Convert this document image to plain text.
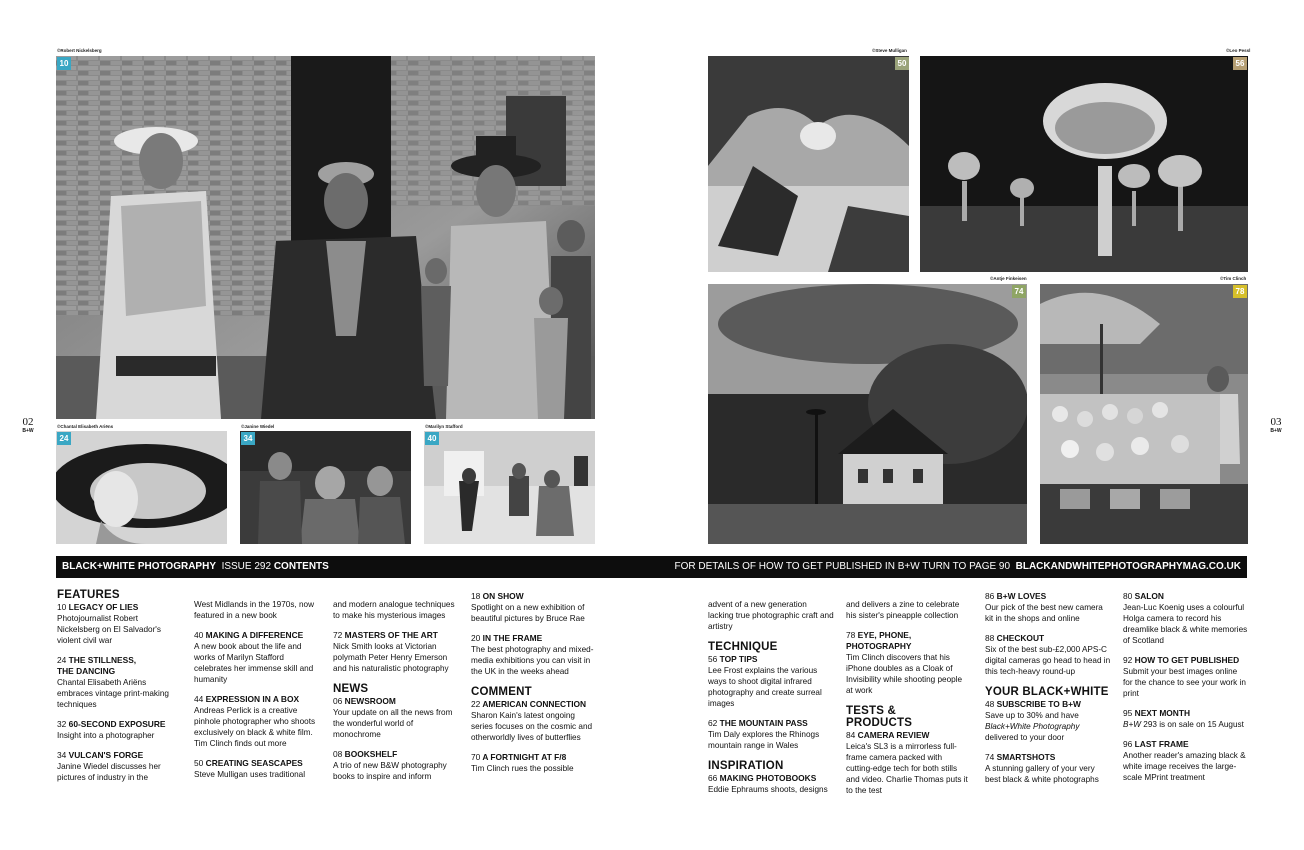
© Robert Nickelsberg
10
© Chantal Elisabeth Ariëns
24
© Janine Wiedel
34
© Marilyn Stafford
40
© Steve Mulligan
50
© Leo Pessl
56
© Antje Finkeisen
74
© Tim Clinch
78
02
B+W
03
B+W
BLACK+WHITE PHOTOGRAPHY ISSUE 292 CONTENTS	FOR DETAILS OF HOW TO GET PUBLISHED IN B+W TURN TO PAGE 90 BLACKANDWHITEPHOTOGRAPHYMAG.CO.UK
FEATURES
10 LEGACY OF LIES
Photojournalist Robert Nickelsberg on El Salvador's violent civil war
24 THE STILLNESS,
THE DANCING
Chantal Elisabeth Ariëns embraces vintage print-making techniques
32 60-SECOND EXPOSURE
Insight into a photographer
34 VULCAN'S FORGE
Janine Wiedel discusses her pictures of industry in the
West Midlands in the 1970s, now featured in a new book
40 MAKING A DIFFERENCE
A new book about the life and works of Marilyn Stafford celebrates her immense skill and humanity
44 EXPRESSION IN A BOX
Andreas Perlick is a creative pinhole photographer who shoots exclusively on black & white film. Tim Clinch finds out more
50 CREATING SEASCAPES
Steve Mulligan uses traditional
and modern analogue techniques to make his mysterious images
72 MASTERS OF THE ART
Nick Smith looks at Victorian polymath Peter Henry Emerson and his naturalistic photography
NEWS
06 NEWSROOM
Your update on all the news from the wonderful world of monochrome
08 BOOKSHELF
A trio of new B&W photography books to inspire and inform
18 ON SHOW
Spotlight on a new exhibition of beautiful pictures by Bruce Rae
20 IN THE FRAME
The best photography and mixed-media exhibitions you can visit in the UK in the weeks ahead
COMMENT
22 AMERICAN CONNECTION
Sharon Kain's latest ongoing series focuses on the cosmic and otherworldly lives of butterflies
70 A FORTNIGHT AT F/8
Tim Clinch rues the possible
advent of a new generation lacking true photographic craft and artistry
TECHNIQUE
56 TOP TIPS
Lee Frost explains the various ways to shoot digital infrared photography and create surreal images
62 THE MOUNTAIN PASS
Tim Daly explores the Rhinogs mountain range in Wales
INSPIRATION
66 MAKING PHOTOBOOKS
Eddie Ephraums shoots, designs
and delivers a zine to celebrate his sister's pineapple collection
78 EYE, PHONE,
PHOTOGRAPHY
Tim Clinch discovers that his iPhone doubles as a Cloak of Invisibility while shooting people at work
TESTS &
PRODUCTS
84 CAMERA REVIEW
Leica's SL3 is a mirrorless full-frame camera packed with cutting-edge tech for both stills and video. Charlie Thomas puts it to the test
86 B+W LOVES
Our pick of the best new camera kit in the shops and online
88 CHECKOUT
Six of the best sub-£2,000 APS-C digital cameras go head to head in this tech-heavy round-up
YOUR BLACK+WHITE
48 SUBSCRIBE TO B+W
Save up to 30% and have
Black+White Photography
delivered to your door
74 SMARTSHOTS
A stunning gallery of your very best black & white photographs
80 SALON
Jean-Luc Koenig uses a colourful Holga camera to record his dreamlike black & white memories of Scotland
92 HOW TO GET PUBLISHED
Submit your best images online for the chance to see your work in print
95 NEXT MONTH
B+W 293 is on sale on 15 August
96 LAST FRAME
Another reader's amazing black & white image receives the large-scale MPrint treatment
